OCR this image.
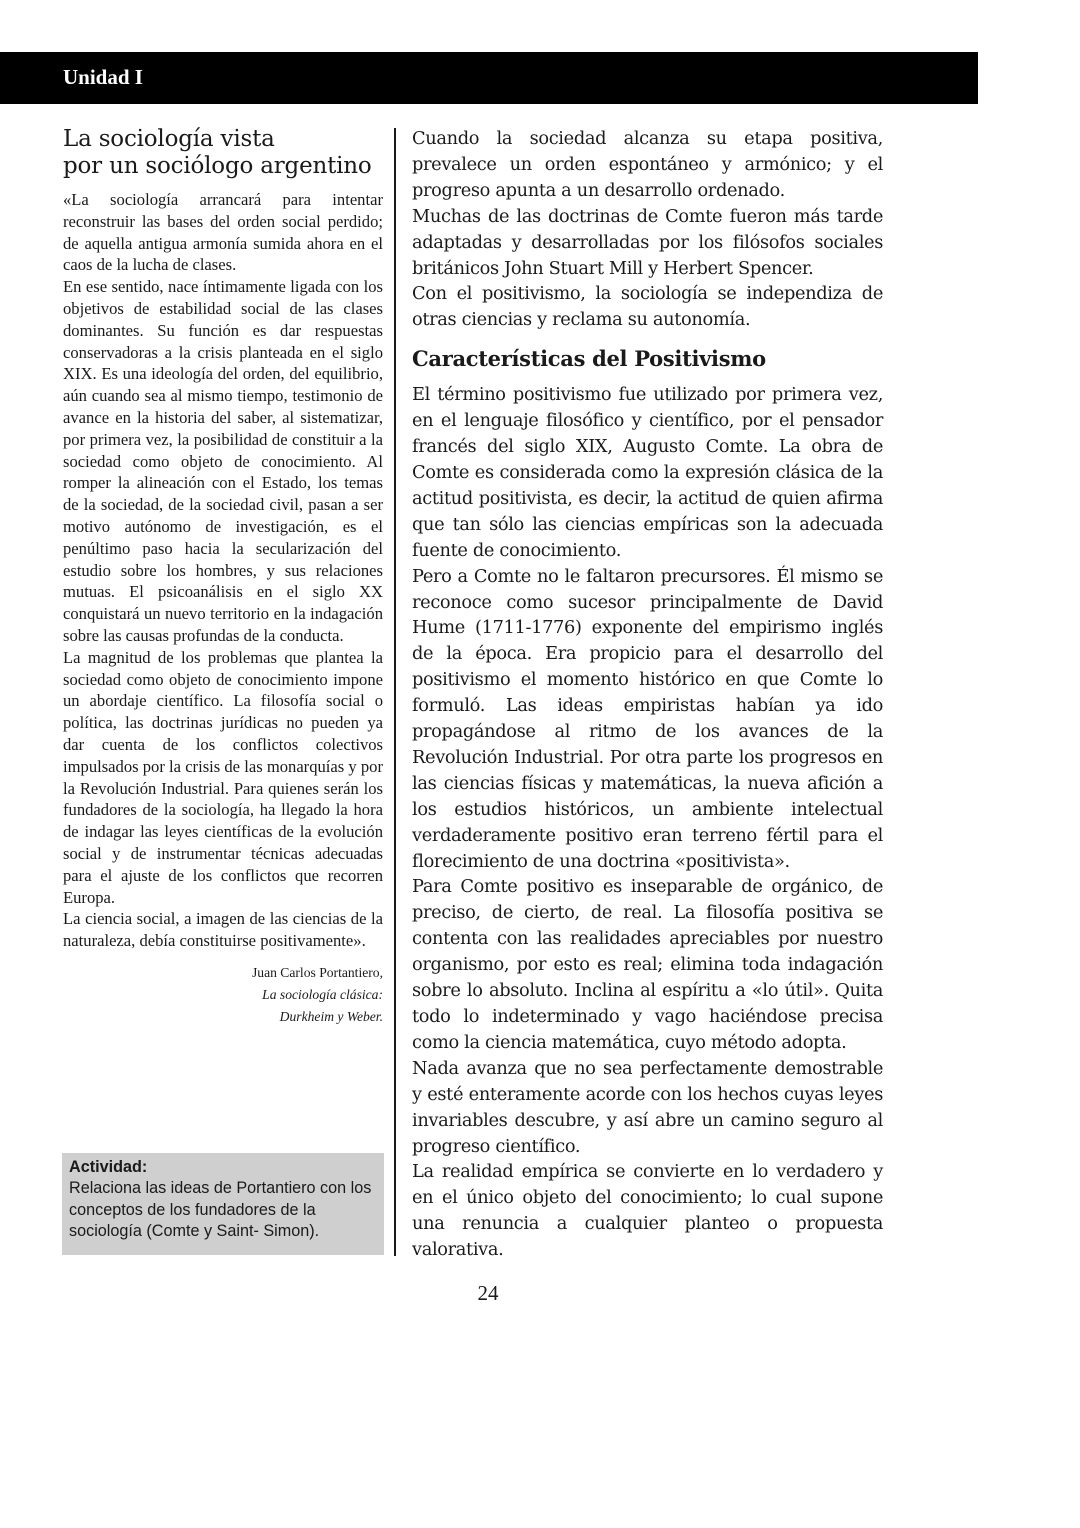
Unidad I
La sociología vista
por un sociólogo argentino

«La sociología arrancará para intentar reconstruir las bases del orden social perdido; de aquella antigua armonía sumida ahora en el caos de la lucha de clases.

En ese sentido, nace íntimamente ligada con los objetivos de estabilidad social de las clases dominantes. Su función es dar respuestas conservadoras a la crisis planteada en el siglo XIX. Es una ideología del orden, del equilibrio, aún cuando sea al mismo tiempo, testimonio de avance en la historia del saber, al sistematizar, por primera vez, la posibilidad de constituir a la sociedad como objeto de conocimiento. Al romper la alineación con el Estado, los temas de la sociedad, de la sociedad civil, pasan a ser motivo autónomo de investigación, es el penúltimo paso hacia la secularización del estudio sobre los hombres, y sus relaciones mutuas. El psicoanálisis en el siglo XX conquistará un nuevo territorio en la indagación sobre las causas profundas de la conducta.

La magnitud de los problemas que plantea la sociedad como objeto de conocimiento impone un abordaje científico. La filosofía social o política, las doctrinas jurídicas no pueden ya dar cuenta de los conflictos colectivos impulsados por la crisis de las monarquías y por la Revolución Industrial. Para quienes serán los fundadores de la sociología, ha llegado la hora de indagar las leyes científicas de la evolución social y de instrumentar técnicas adecuadas para el ajuste de los conflictos que recorren Europa.

La ciencia social, a imagen de las ciencias de la naturaleza, debía constituirse positivamente».

Juan Carlos Portantiero,
La sociología clásica:
Durkheim y Weber.
Actividad:
Relaciona las ideas de Portantiero con los conceptos de los fundadores de la sociología (Comte y Saint- Simon).

Cuando la sociedad alcanza su etapa positiva, prevalece un orden espontáneo y armónico; y el progreso apunta a un desarrollo ordenado.

Muchas de las doctrinas de Comte fueron más tarde adaptadas y desarrolladas por los filósofos sociales británicos John Stuart Mill y Herbert Spencer.

Con el positivismo, la sociología se independiza de otras ciencias y reclama su autonomía.

Características del Positivismo

El término positivismo fue utilizado por primera vez, en el lenguaje filosófico y científico, por el pensador francés del siglo XIX, Augusto Comte. La obra de Comte es considerada como la expresión clásica de la actitud positivista, es decir, la actitud de quien afirma que tan sólo las ciencias empíricas son la adecuada fuente de conocimiento.

Pero a Comte no le faltaron precursores. Él mismo se reconoce como sucesor principalmente de David Hume (1711-1776) exponente del empirismo inglés de la época. Era propicio para el desarrollo del positivismo el momento histórico en que Comte lo formuló. Las ideas empiristas habían ya ido propagándose al ritmo de los avances de la Revolución Industrial. Por otra parte los progresos en las ciencias físicas y matemáticas, la nueva afición a los estudios históricos, un ambiente intelectual verdaderamente positivo eran terreno fértil para el florecimiento de una doctrina «positivista».

Para Comte positivo es inseparable de orgánico, de preciso, de cierto, de real. La filosofía positiva se contenta con las realidades apreciables por nuestro organismo, por esto es real; elimina toda indagación sobre lo absoluto. Inclina al espíritu a «lo útil». Quita todo lo indeterminado y vago haciéndose precisa como la ciencia matemática, cuyo método adopta.

Nada avanza que no sea perfectamente demostrable y esté enteramente acorde con los hechos cuyas leyes invariables descubre, y así abre un camino seguro al progreso científico.

La realidad empírica se convierte en lo verdadero y en el único objeto del conocimiento; lo cual supone una renuncia a cualquier planteo o propuesta valorativa.

24
